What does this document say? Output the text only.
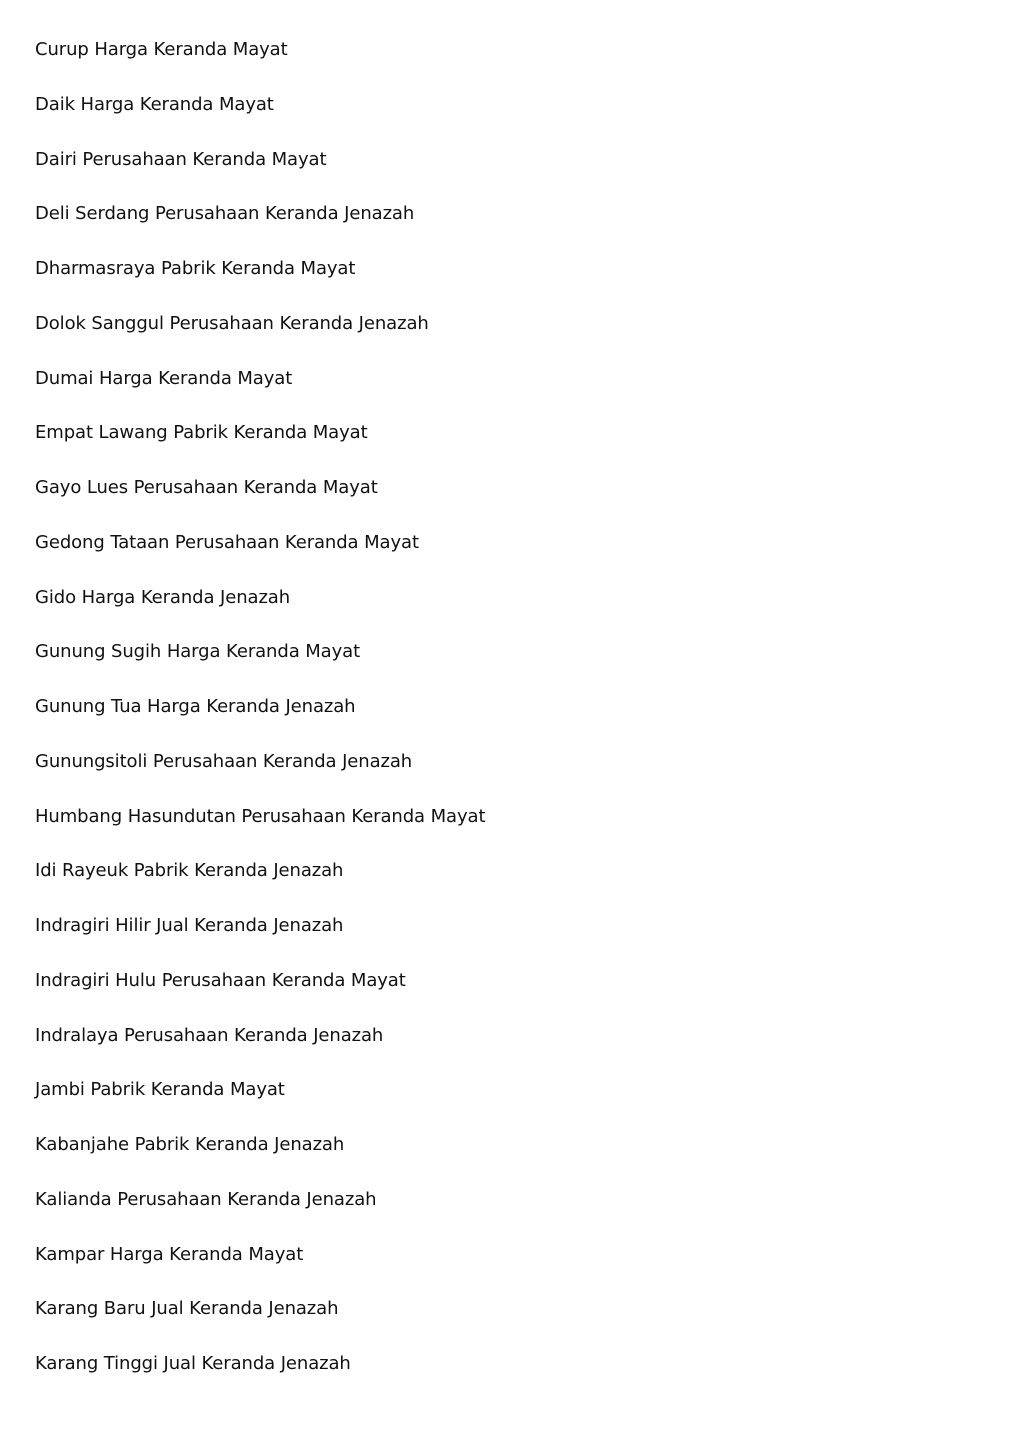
Curup Harga Keranda Mayat
Daik Harga Keranda Mayat
Dairi Perusahaan Keranda Mayat
Deli Serdang Perusahaan Keranda Jenazah
Dharmasraya Pabrik Keranda Mayat
Dolok Sanggul Perusahaan Keranda Jenazah
Dumai Harga Keranda Mayat
Empat Lawang Pabrik Keranda Mayat
Gayo Lues Perusahaan Keranda Mayat
Gedong Tataan Perusahaan Keranda Mayat
Gido Harga Keranda Jenazah
Gunung Sugih Harga Keranda Mayat
Gunung Tua Harga Keranda Jenazah
Gunungsitoli Perusahaan Keranda Jenazah
Humbang Hasundutan Perusahaan Keranda Mayat
Idi Rayeuk Pabrik Keranda Jenazah
Indragiri Hilir Jual Keranda Jenazah
Indragiri Hulu Perusahaan Keranda Mayat
Indralaya Perusahaan Keranda Jenazah
Jambi Pabrik Keranda Mayat
Kabanjahe Pabrik Keranda Jenazah
Kalianda Perusahaan Keranda Jenazah
Kampar Harga Keranda Mayat
Karang Baru Jual Keranda Jenazah
Karang Tinggi Jual Keranda Jenazah
